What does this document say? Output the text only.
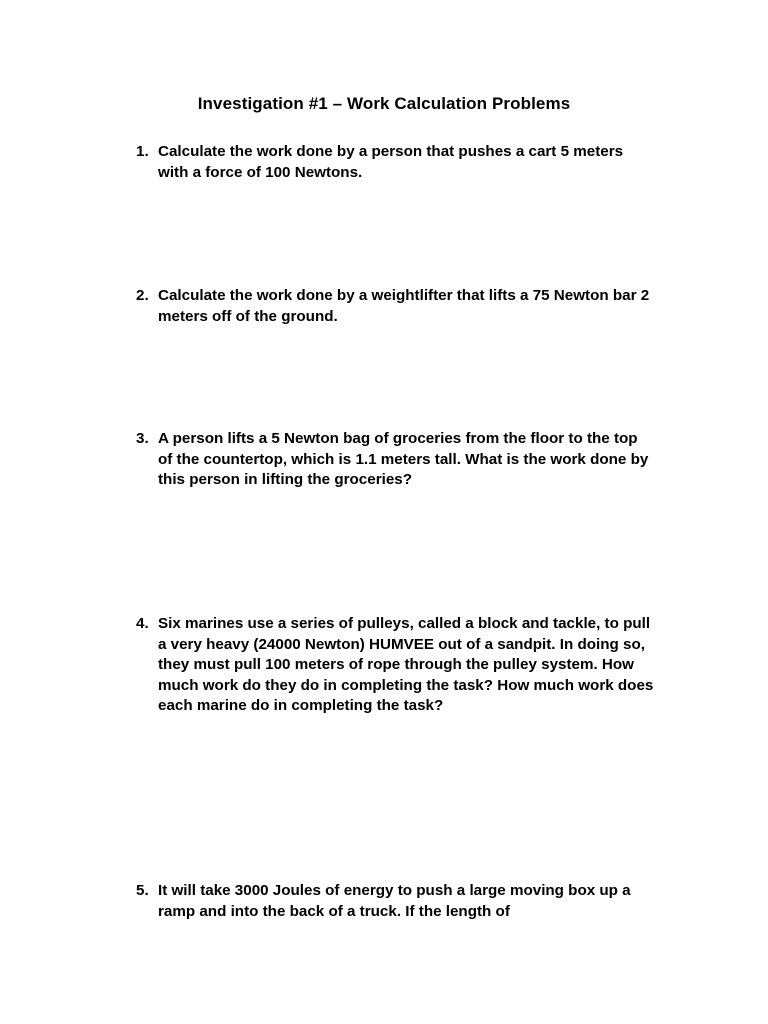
Investigation #1 – Work Calculation Problems
1. Calculate the work done by a person that pushes a cart 5 meters with a force of 100 Newtons.
2. Calculate the work done by a weightlifter that lifts a 75 Newton bar 2 meters off of the ground.
3. A person lifts a 5 Newton bag of groceries from the floor to the top of the countertop, which is 1.1 meters tall. What is the work done by this person in lifting the groceries?
4. Six marines use a series of pulleys, called a block and tackle, to pull a very heavy (24000 Newton) HUMVEE out of a sandpit. In doing so, they must pull 100 meters of rope through the pulley system. How much work do they do in completing the task? How much work does each marine do in completing the task?
5. It will take 3000 Joules of energy to push a large moving box up a ramp and into the back of a truck. If the length of
